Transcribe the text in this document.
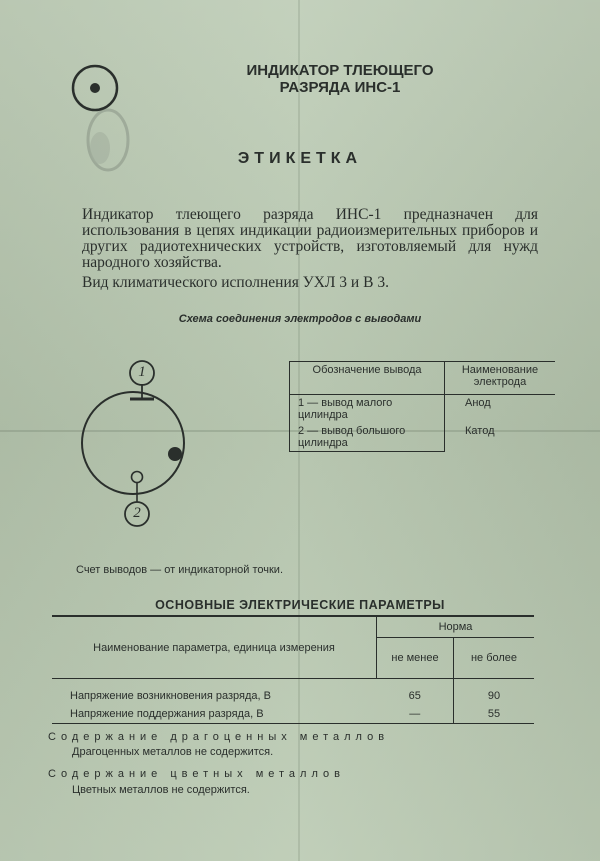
1
2
ИНДИКАТОР ТЛЕЮЩЕГО
РАЗРЯДА ИНС-1
ЭТИКЕТКА
Индикатор тлеющего разряда ИНС-1 предназначен для использования в цепях индикации радиоизмерительных приборов и других радиотехнических устройств, изготовляемый для нужд народного хозяйства.
Вид климатического исполнения УХЛ 3 и В 3.
Схема соединения электродов с выводами
Обозначение вывода	Наименование электрода
1 — вывод малого цилиндра	Анод
2 — вывод большого цилиндра	Катод
Счет выводов — от индикаторной точки.
ОСНОВНЫЕ ЭЛЕКТРИЧЕСКИЕ ПАРАМЕТРЫ
Наименование параметра, единица измерения	Норма	
	не менее	не более
Напряжение возникновения разряда, В	65	90
Напряжение поддержания разряда, В	—	55
Содержание драгоценных металлов
Драгоценных металлов не содержится.
Содержание цветных металлов
Цветных металлов не содержится.
